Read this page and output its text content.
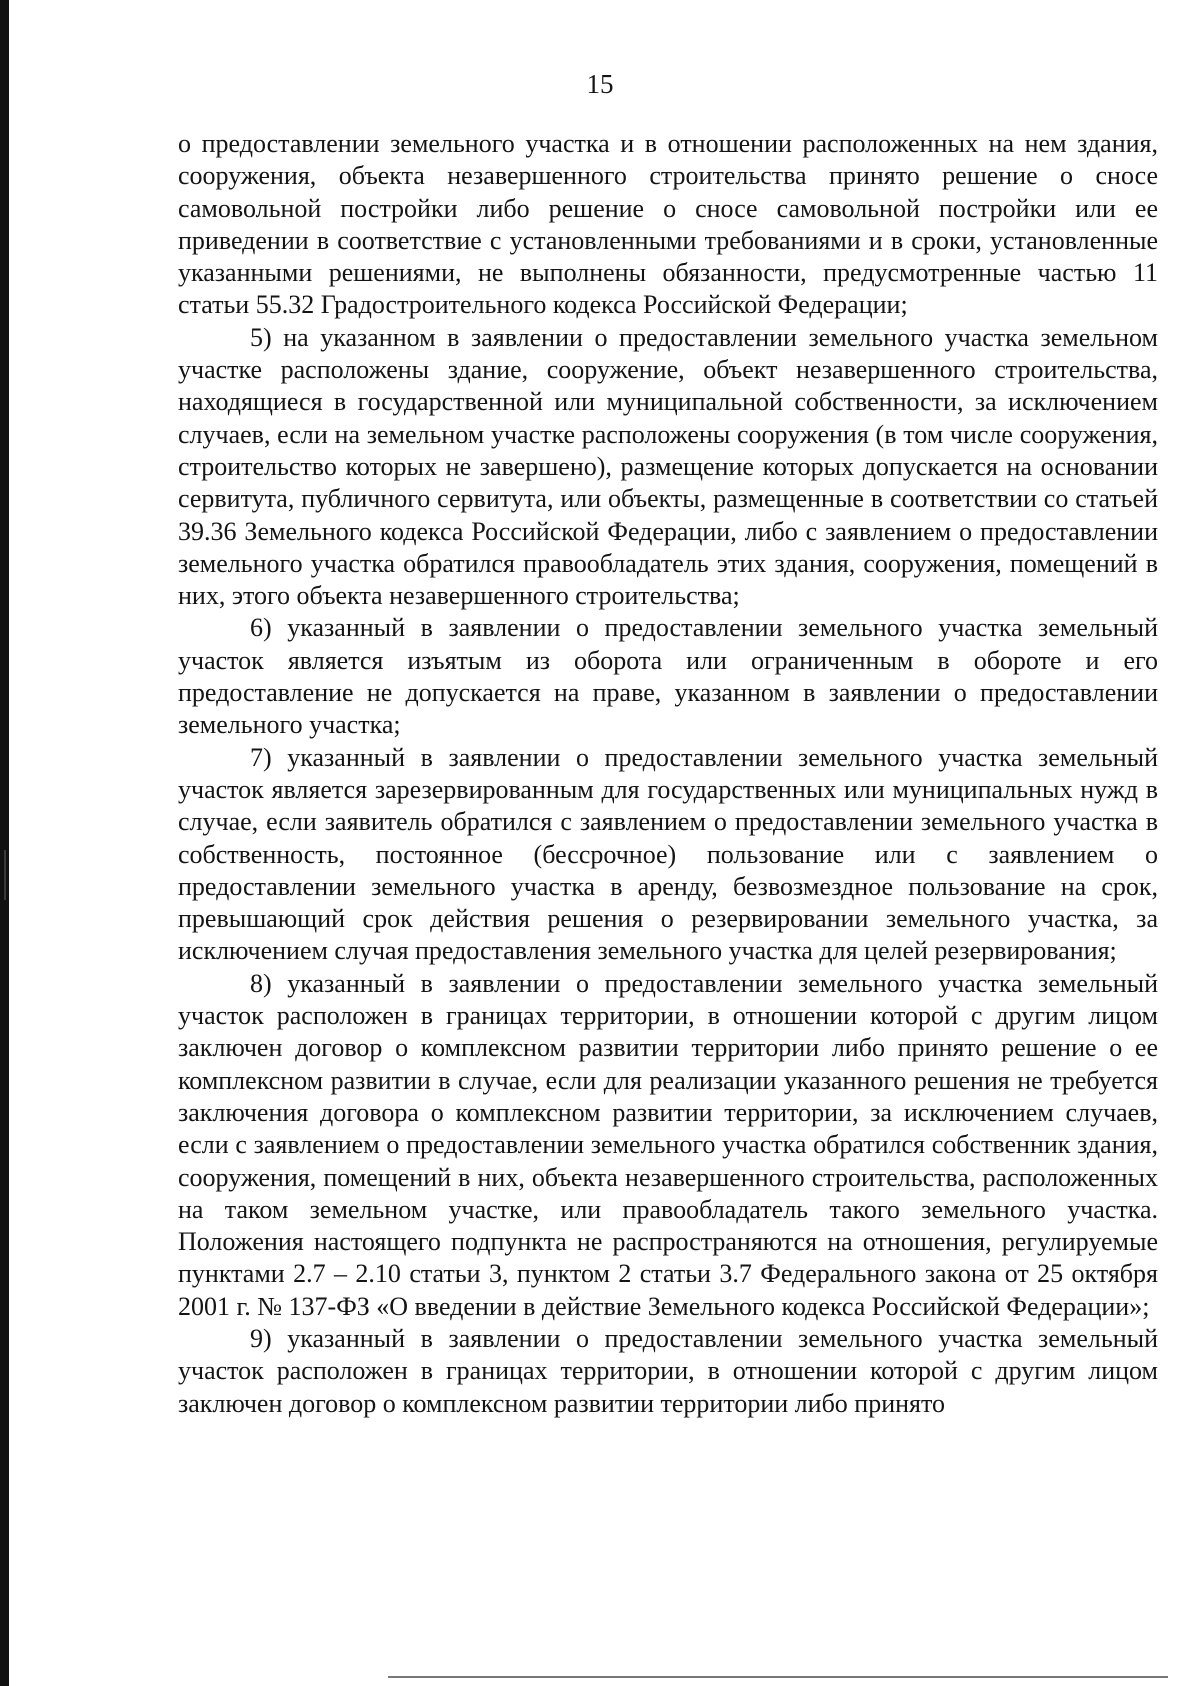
15

о предоставлении земельного участка и в отношении расположенных на нем здания, сооружения, объекта незавершенного строительства принято решение о сносе самовольной постройки либо решение о сносе самовольной постройки или ее приведении в соответствие с установленными требованиями и в сроки, установленные указанными решениями, не выполнены обязанности, предусмотренные частью 11 статьи 55.32 Градостроительного кодекса Российской Федерации;

5) на указанном в заявлении о предоставлении земельного участка земельном участке расположены здание, сооружение, объект незавершенного строительства, находящиеся в государственной или муниципальной собственности, за исключением случаев, если на земельном участке расположены сооружения (в том числе сооружения, строительство которых не завершено), размещение которых допускается на основании сервитута, публичного сервитута, или объекты, размещенные в соответствии со статьей 39.36 Земельного кодекса Российской Федерации, либо с заявлением о предоставлении земельного участка обратился правообладатель этих здания, сооружения, помещений в них, этого объекта незавершенного строительства;

6) указанный в заявлении о предоставлении земельного участка земельный участок является изъятым из оборота или ограниченным в обороте и его предоставление не допускается на праве, указанном в заявлении о предоставлении земельного участка;

7) указанный в заявлении о предоставлении земельного участка земельный участок является зарезервированным для государственных или муниципальных нужд в случае, если заявитель обратился с заявлением о предоставлении земельного участка в собственность, постоянное (бессрочное) пользование или с заявлением о предоставлении земельного участка в аренду, безвозмездное пользование на срок, превышающий срок действия решения о резервировании земельного участка, за исключением случая предоставления земельного участка для целей резервирования;

8) указанный в заявлении о предоставлении земельного участка земельный участок расположен в границах территории, в отношении которой с другим лицом заключен договор о комплексном развитии территории либо принято решение о ее комплексном развитии в случае, если для реализации указанного решения не требуется заключения договора о комплексном развитии территории, за исключением случаев, если с заявлением о предоставлении земельного участка обратился собственник здания, сооружения, помещений в них, объекта незавершенного строительства, расположенных на таком земельном участке, или правообладатель такого земельного участка. Положения настоящего подпункта не распространяются на отношения, регулируемые пунктами 2.7 – 2.10 статьи 3, пунктом 2 статьи 3.7 Федерального закона от 25 октября 2001 г. № 137-ФЗ «О введении в действие Земельного кодекса Российской Федерации»;

9) указанный в заявлении о предоставлении земельного участка земельный участок расположен в границах территории, в отношении которой с другим лицом заключен договор о комплексном развитии территории либо принято
